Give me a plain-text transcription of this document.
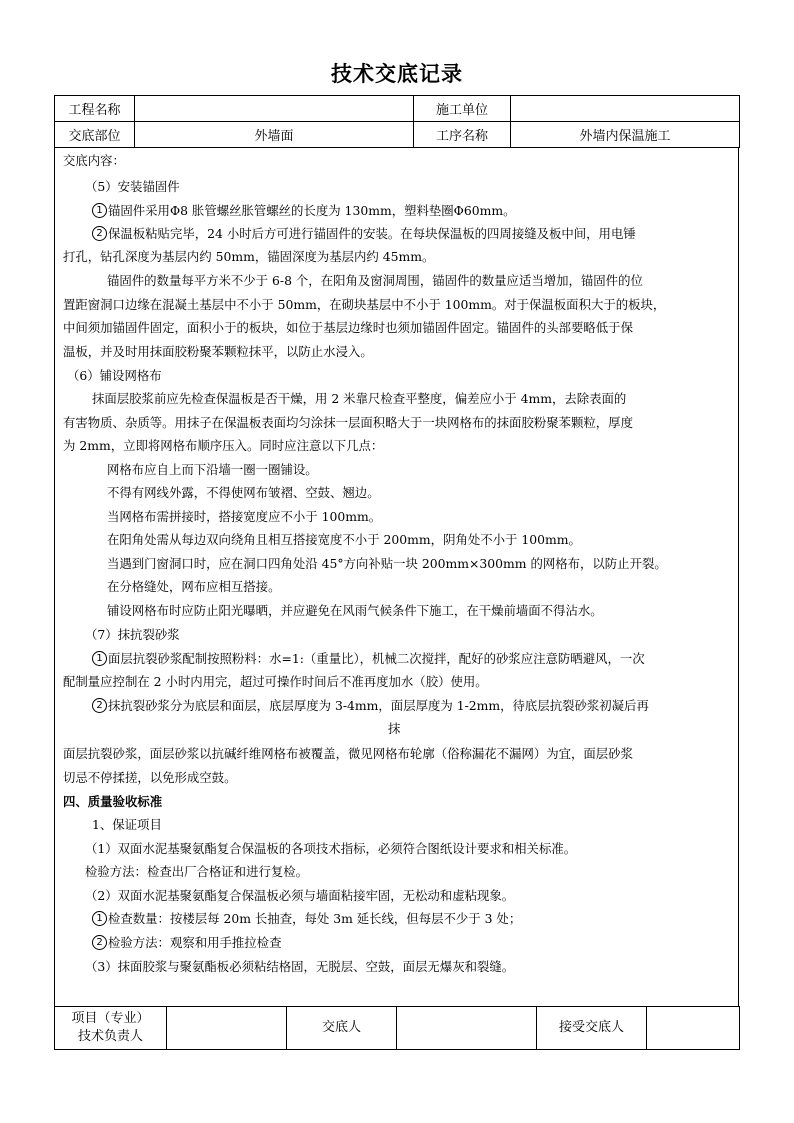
技术交底记录
工程名称		施工单位	
交底部位	外墙面	工序名称	外墙内保温施工
交底内容：
（5）安装锚固件
1 锚固件采用Φ8 胀管螺丝胀管螺丝的长度为 130mm，塑料垫圈Φ60mm。
2 保温板粘贴完毕，24 小时后方可进行锚固件的安装。在每块保温板的四周接缝及板中间，用电锤
打孔，钻孔深度为基层内约 50mm，锚固深度为基层内约 45mm。
锚固件的数量每平方米不少于 6-8 个，在阳角及窗洞周围，锚固件的数量应适当增加，锚固件的位
置距窗洞口边缘在混凝土基层中不小于 50mm，在砌块基层中不小于 100mm。对于保温板面积大于的板块，
中间须加锚固件固定，面积小于的板块，如位于基层边缘时也须加锚固件固定。锚固件的头部要略低于保
温板，并及时用抹面胶粉聚苯颗粒抹平，以防止水浸入。
（6）铺设网格布
抹面层胶浆前应先检查保温板是否干燥，用 2 米靠尺检查平整度，偏差应小于 4mm，去除表面的
有害物质、杂质等。用抹子在保温板表面均匀涂抹一层面积略大于一块网格布的抹面胶粉聚苯颗粒，厚度
为 2mm，立即将网格布顺序压入。同时应注意以下几点：
网格布应自上而下沿墙一圈一圈铺设。
不得有网线外露，不得使网布皱褶、空鼓、翘边。
当网格布需拼接时，搭接宽度应不小于 100mm。
在阳角处需从每边双向绕角且相互搭接宽度不小于 200mm，阴角处不小于 100mm。
当遇到门窗洞口时，应在洞口四角处沿 45°方向补贴一块 200mm×300mm 的网格布，以防止开裂。
在分格缝处，网布应相互搭接。
铺设网格布时应防止阳光曝晒，并应避免在风雨气候条件下施工，在干燥前墙面不得沾水。
（7）抹抗裂砂浆
1 面层抗裂砂浆配制按照粉料：水=1:（重量比），机械二次搅拌，配好的砂浆应注意防晒避风，一次
配制量应控制在 2 小时内用完，超过可操作时间后不准再度加水（胶）使用。
2 抹抗裂砂浆分为底层和面层，底层厚度为 3-4mm，面层厚度为 1-2mm，待底层抗裂砂浆初凝后再
抹
面层抗裂砂浆，面层砂浆以抗碱纤维网格布被覆盖，微见网格布轮廓（俗称漏花不漏网）为宜，面层砂浆
切忌不停揉搓，以免形成空鼓。
四、质量验收标准
1、保证项目
（1）双面水泥基聚氨酯复合保温板的各项技术指标，必须符合图纸设计要求和相关标准。
检验方法：检查出厂合格证和进行复检。
（2）双面水泥基聚氨酯复合保温板必须与墙面粘接牢固，无松动和虚粘现象。
1 检查数量：按楼层每 20m 长抽查，每处 3m 延长线，但每层不少于 3 处；
2 检验方法：观察和用手推拉检查
（3）抹面胶浆与聚氨酯板必须粘结格固，无脱层、空鼓，面层无爆灰和裂缝。
项目（专业）
技术负责人		交底人		接受交底人	
